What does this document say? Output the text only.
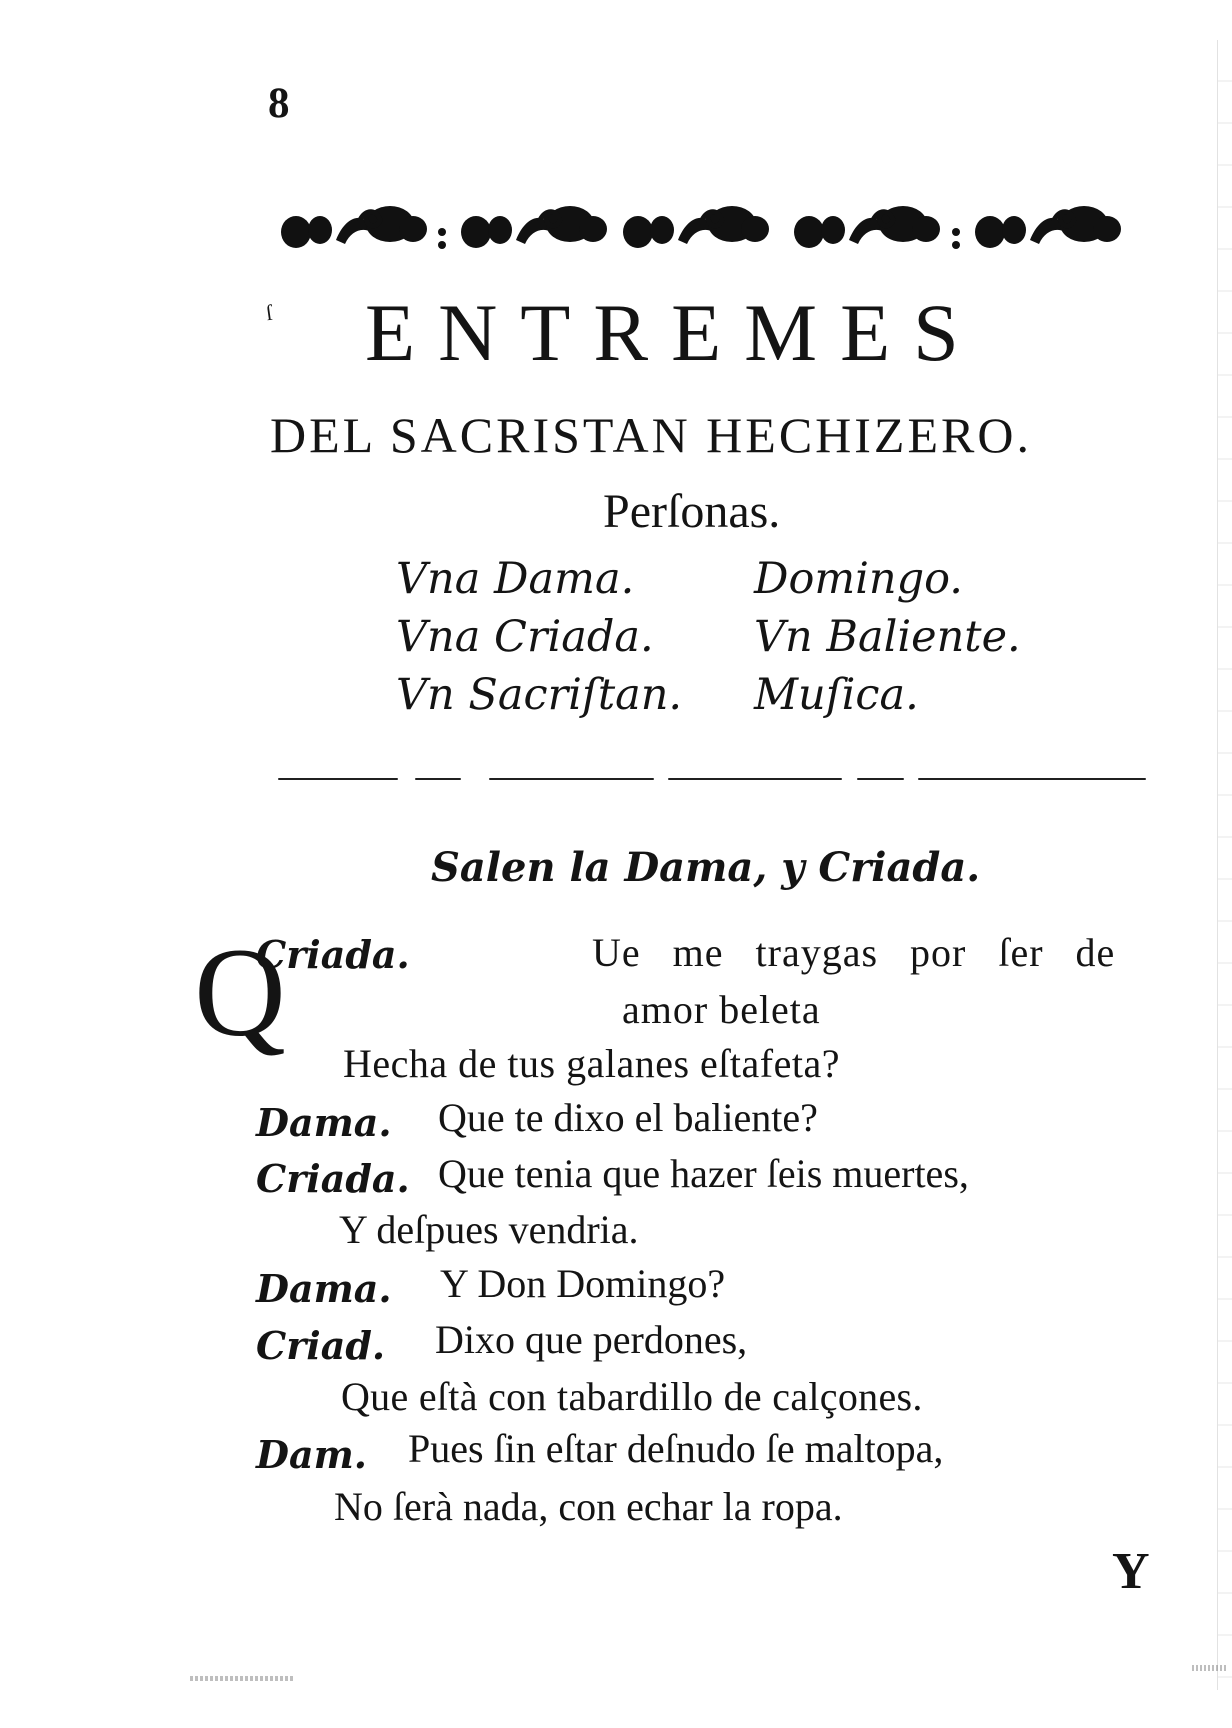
8
ſ ENTREMES
DEL SACRISTAN HECHIZERO.
Perſonas.
Vna Dama.	Domingo.
Vna Criada.	Vn Baliente.
Vn Sacriſtan.	Muſica.
Salen la Dama, y Criada.
Q
Criada.	Ue me traygas por ſer de
amor beleta
Hecha de tus galanes eſtafeta?
Dama. Que te dixo el baliente?
Criada. Que tenia que hazer ſeis muertes,
Y deſpues vendria.
Dama. Y Don Domingo?
Criad. Dixo que perdones,
Que eſtà con tabardillo de calçones.
Dam. Pues ſin eſtar deſnudo ſe maltopa,
No ſerà nada, con echar la ropa.
Y
